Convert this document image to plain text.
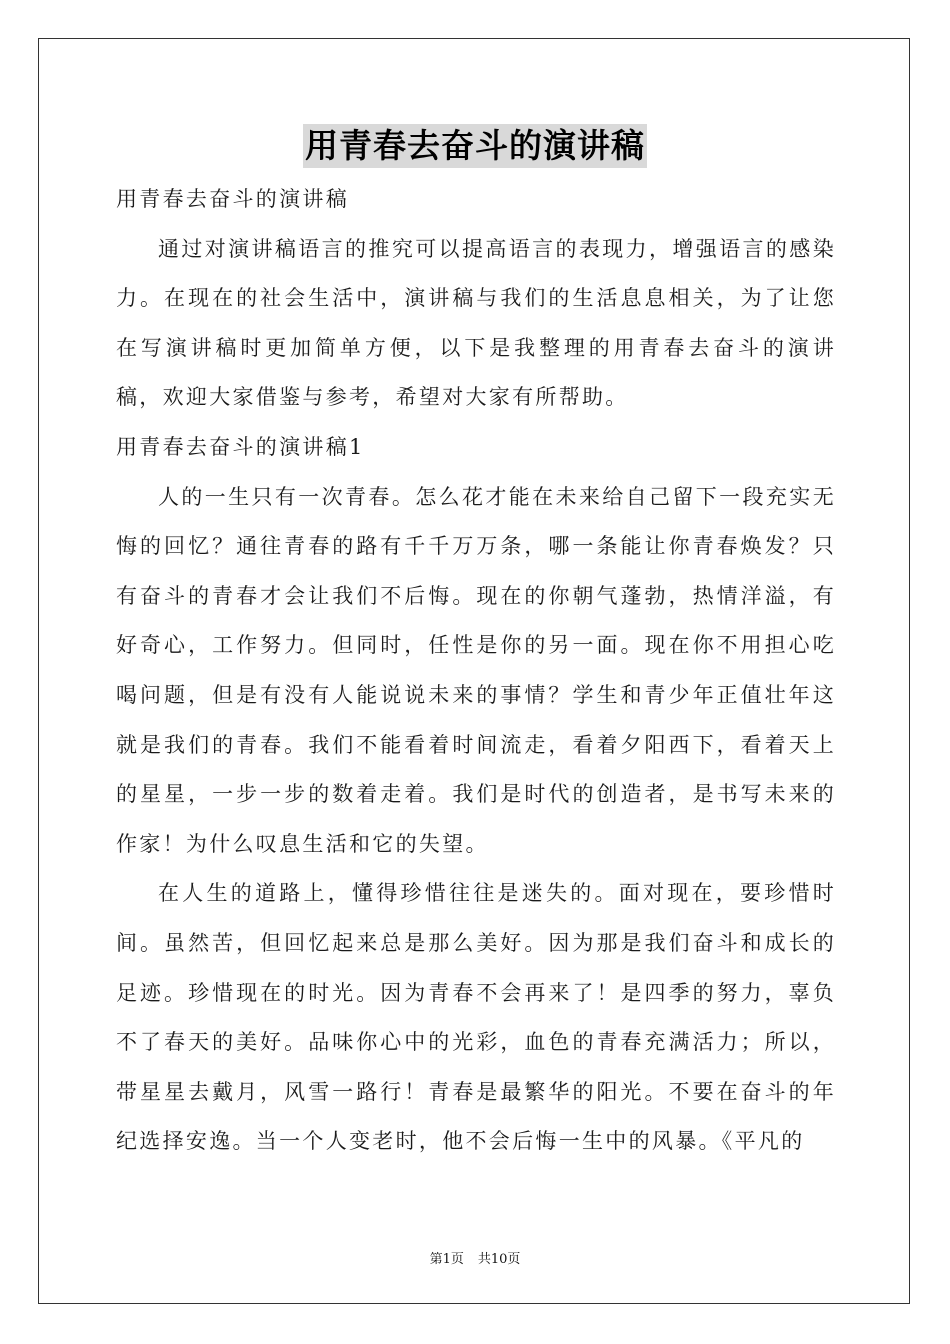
用青春去奋斗的演讲稿

用青春去奋斗的演讲稿

通过对演讲稿语言的推究可以提高语言的表现力，增强语言的感染力。在现在的社会生活中，演讲稿与我们的生活息息相关，为了让您在写演讲稿时更加简单方便，以下是我整理的用青春去奋斗的演讲稿，欢迎大家借鉴与参考，希望对大家有所帮助。

用青春去奋斗的演讲稿1

人的一生只有一次青春。怎么花才能在未来给自己留下一段充实无悔的回忆？通往青春的路有千千万万条，哪一条能让你青春焕发？只有奋斗的青春才会让我们不后悔。现在的你朝气蓬勃，热情洋溢，有好奇心，工作努力。但同时，任性是你的另一面。现在你不用担心吃喝问题，但是有没有人能说说未来的事情？学生和青少年正值壮年这就是我们的青春。我们不能看着时间流走，看着夕阳西下，看着天上的星星，一步一步的数着走着。我们是时代的创造者，是书写未来的作家！为什么叹息生活和它的失望。

在人生的道路上，懂得珍惜往往是迷失的。面对现在，要珍惜时间。虽然苦，但回忆起来总是那么美好。因为那是我们奋斗和成长的足迹。珍惜现在的时光。因为青春不会再来了！是四季的努力，辜负不了春天的美好。品味你心中的光彩，血色的青春充满活力；所以，带星星去戴月，风雪一路行！青春是最繁华的阳光。不要在奋斗的年纪选择安逸。当一个人变老时，他不会后悔一生中的风暴。《平凡的

第1页 共10页
